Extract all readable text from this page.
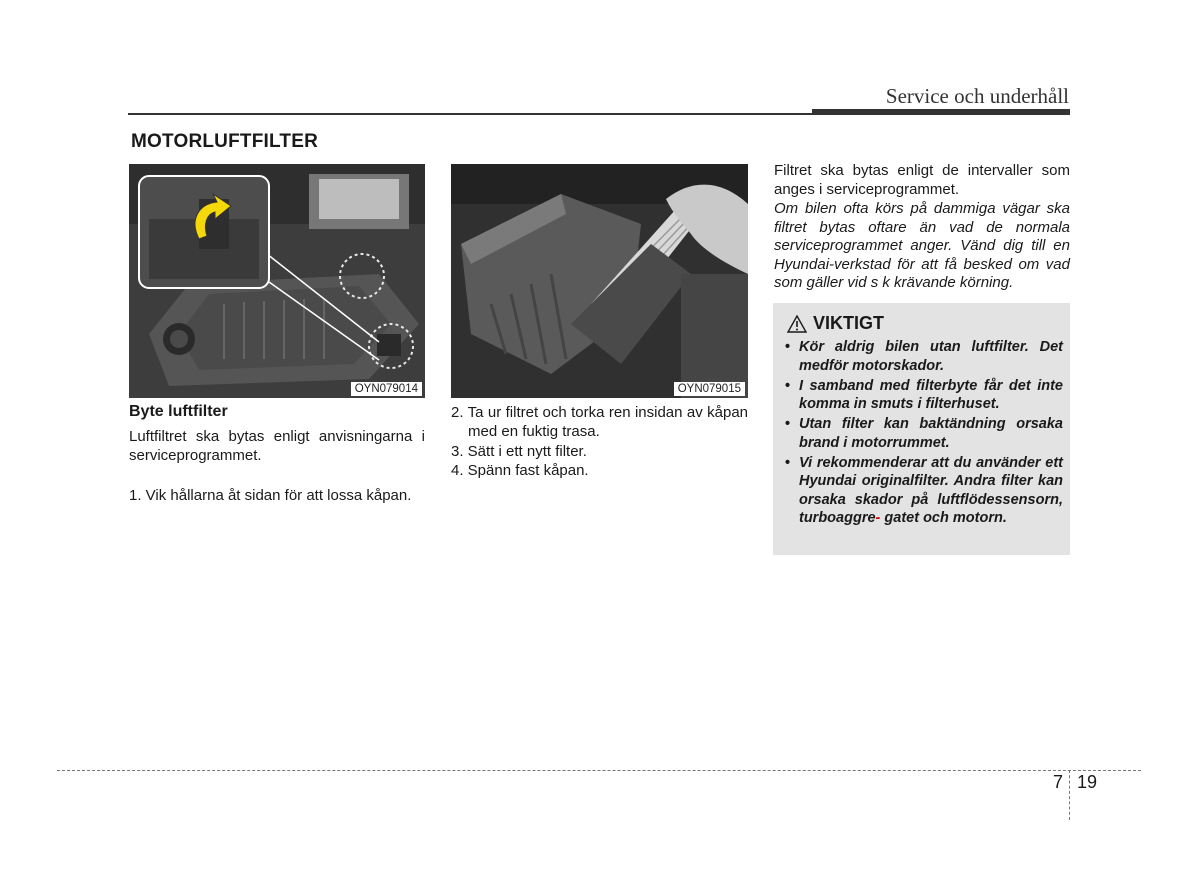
Service och underhåll
MOTORLUFTFILTER
OYN079014	OYN079015
Byte luftfilter
Luftfiltret ska bytas enligt anvisningarna i serviceprogrammet.
1. Vik hållarna åt sidan för att lossa kåpan.
2. Ta ur filtret och torka ren insidan av kåpan med en fuktig trasa.
3. Sätt i ett nytt filter.
4. Spänn fast kåpan.
Filtret ska bytas enligt de intervaller som anges i serviceprogrammet.
Om bilen ofta körs på dammiga vägar ska filtret bytas oftare än vad de normala serviceprogrammet anger. Vänd dig till en Hyundai-verkstad för att få besked om vad som gäller vid s k krävande körning.
VIKTIGT
• Kör aldrig bilen utan luftfilter. Det medför motorskador.
• I samband med filterbyte får det inte komma in smuts i filterhuset.
• Utan filter kan baktändning orsaka brand i motorrummet.
• Vi rekommenderar att du använder ett Hyundai originalfilter. Andra filter kan orsaka skador på luftflödessensorn, turboaggre- gatet och motorn.
7 19
